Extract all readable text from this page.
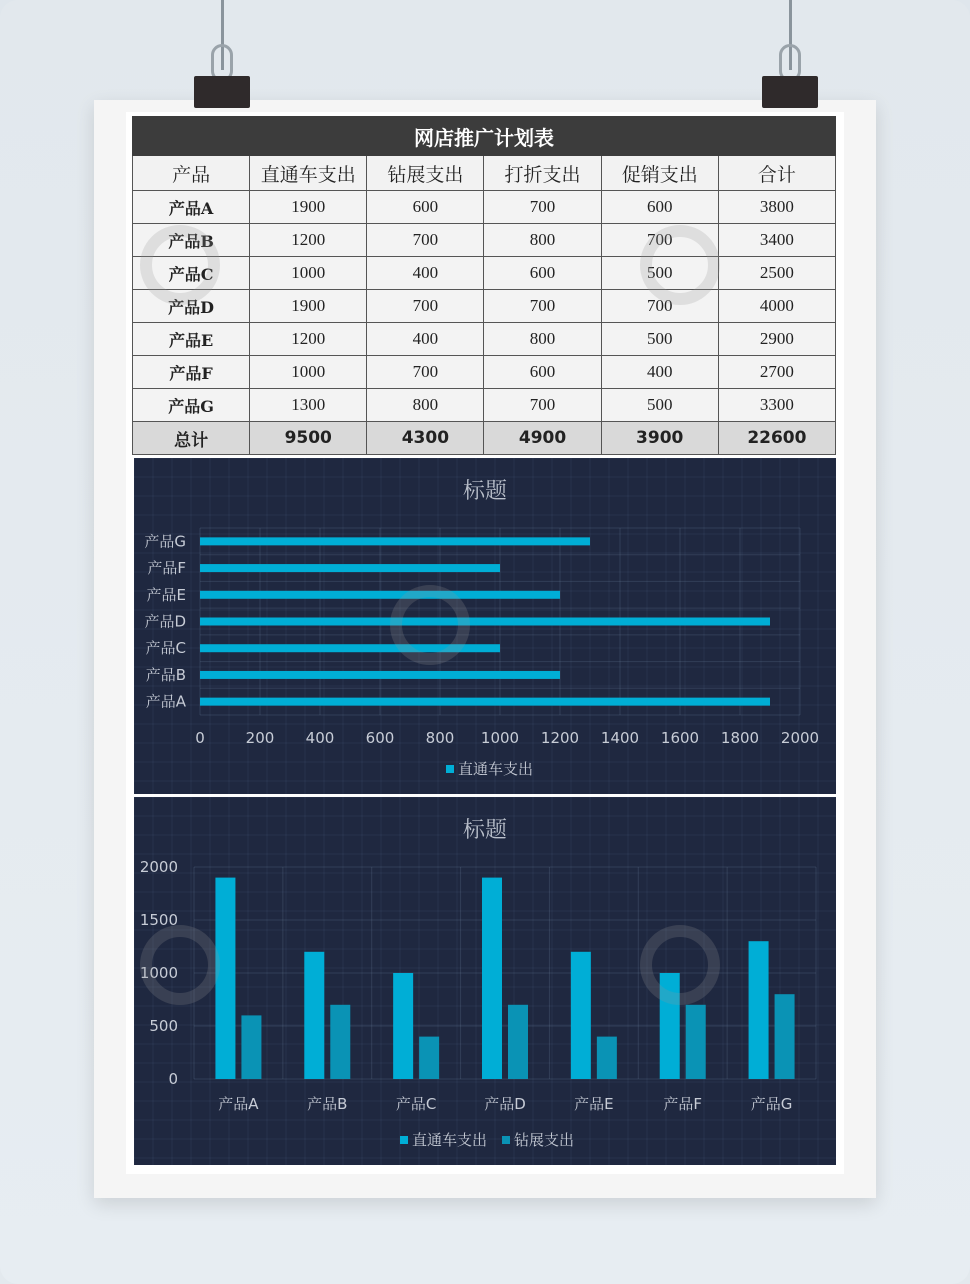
网店推广计划表					
产品	直通车支出	钻展支出	打折支出	促销支出	合计
产品A	1900	600	700	600	3800
产品B	1200	700	800	700	3400
产品C	1000	400	600	500	2500
产品D	1900	700	700	700	4000
产品E	1200	400	800	500	2900
产品F	1000	700	600	400	2700
产品G	1300	800	700	500	3300
总计	9500	4300	4900	3900	22600
标题
0	200 400 600 800 1000 1200 1400 1600 1800 2000
产品A
产品B
产品C
产品D
产品E
产品F
产品G
直通车支出
标题
0
500
1000
1500
2000
产品A	产品B	产品C	产品D	产品E	产品F	产品G
直通车支出 钻展支出
